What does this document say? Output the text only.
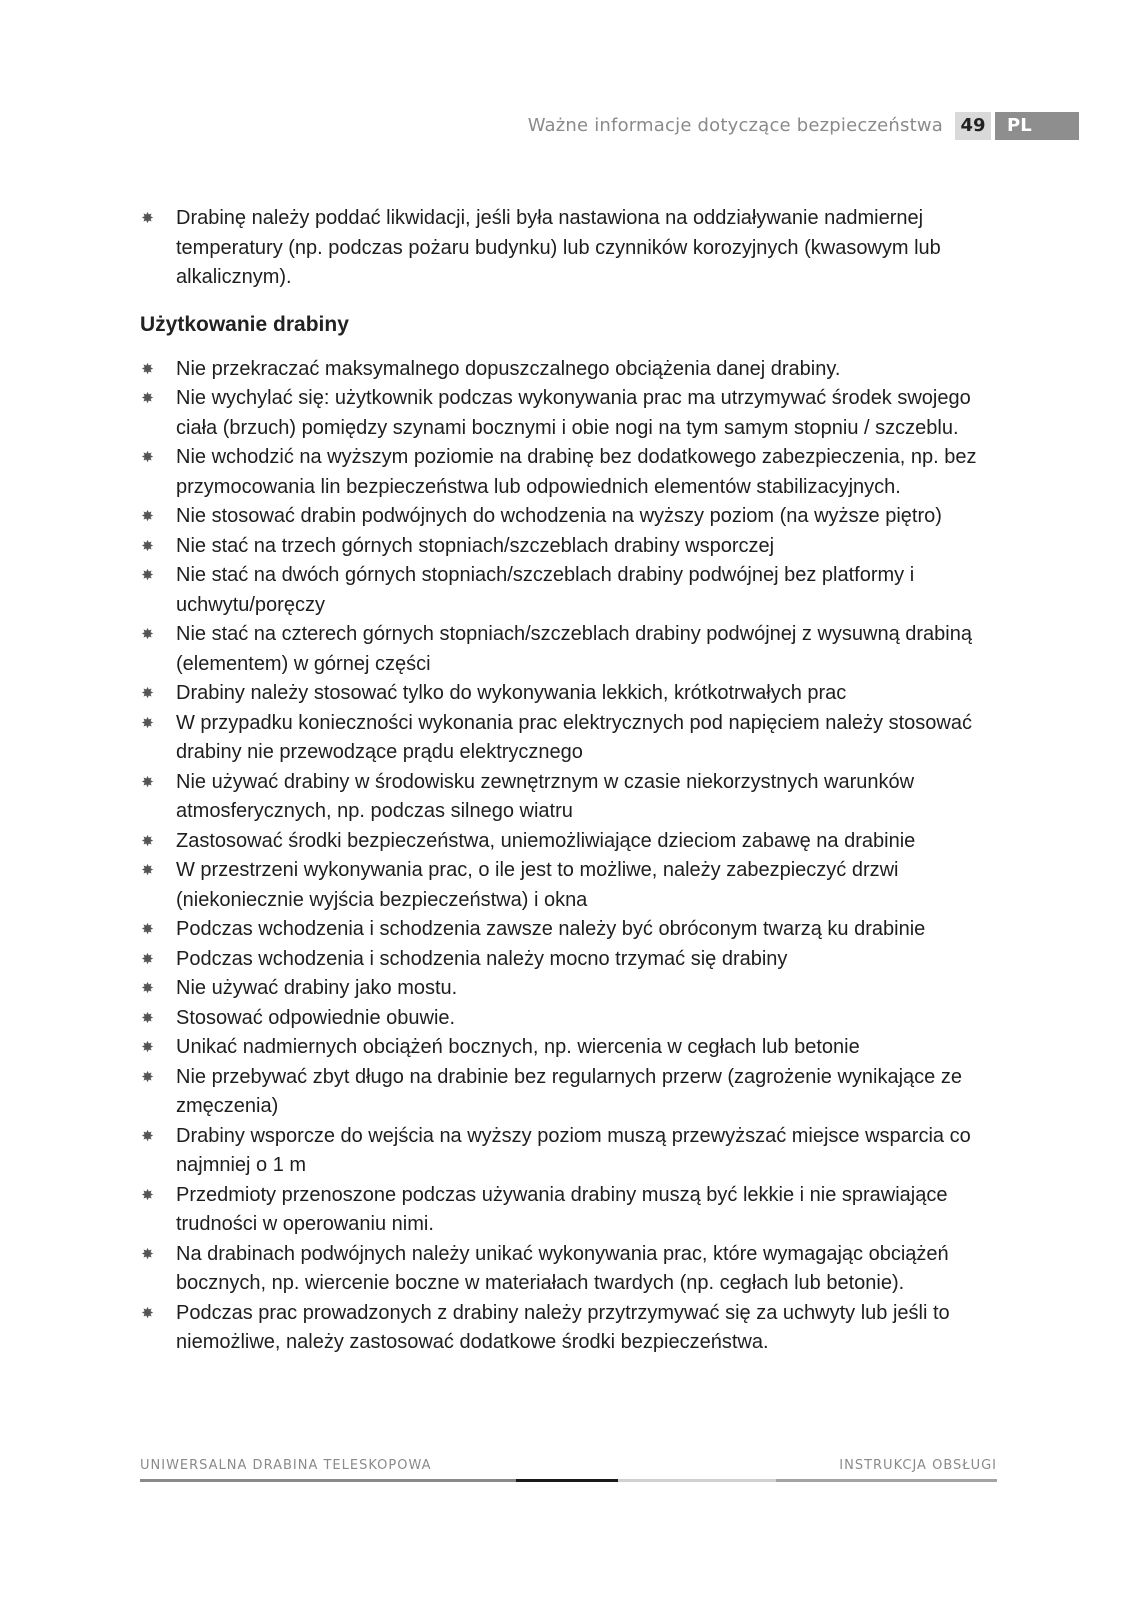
Ważne informacje dotyczące bezpieczeństwa 49	PL
✸ Drabinę należy poddać likwidacji, jeśli była nastawiona na oddziaływanie nadmiernej temperatury (np. podczas pożaru budynku) lub czynników korozyjnych (kwasowym lub alkalicznym).
Użytkowanie drabiny
✸ Nie przekraczać maksymalnego dopuszczalnego obciążenia danej drabiny.
✸ Nie wychylać się: użytkownik podczas wykonywania prac ma utrzymywać środek swojego ciała (brzuch) pomiędzy szynami bocznymi i obie nogi na tym samym stopniu / szczeblu.
✸ Nie wchodzić na wyższym poziomie na drabinę bez dodatkowego zabezpieczenia, np. bez przymocowania lin bezpieczeństwa lub odpowiednich elementów stabilizacyjnych.
✸ Nie stosować drabin podwójnych do wchodzenia na wyższy poziom (na wyższe piętro)
✸ Nie stać na trzech górnych stopniach/szczeblach drabiny wsporczej
✸ Nie stać na dwóch górnych stopniach/szczeblach drabiny podwójnej bez platformy i uchwytu/poręczy
✸ Nie stać na czterech górnych stopniach/szczeblach drabiny podwójnej z wysuwną drabiną (elementem) w górnej części
✸ Drabiny należy stosować tylko do wykonywania lekkich, krótkotrwałych prac
✸ W przypadku konieczności wykonania prac elektrycznych pod napięciem należy stosować drabiny nie przewodzące prądu elektrycznego
✸ Nie używać drabiny w środowisku zewnętrznym w czasie niekorzystnych warunków atmosferycznych, np. podczas silnego wiatru
✸ Zastosować środki bezpieczeństwa, uniemożliwiające dzieciom zabawę na drabinie
✸ W przestrzeni wykonywania prac, o ile jest to możliwe, należy zabezpieczyć drzwi (niekoniecznie wyjścia bezpieczeństwa) i okna
✸ Podczas wchodzenia i schodzenia zawsze należy być obróconym twarzą ku drabinie
✸ Podczas wchodzenia i schodzenia należy mocno trzymać się drabiny
✸ Nie używać drabiny jako mostu.
✸ Stosować odpowiednie obuwie.
✸ Unikać nadmiernych obciążeń bocznych, np. wiercenia w cegłach lub betonie
✸ Nie przebywać zbyt długo na drabinie bez regularnych przerw (zagrożenie wynikające ze zmęczenia)
✸ Drabiny wsporcze do wejścia na wyższy poziom muszą przewyższać miejsce wsparcia co najmniej o 1 m
✸ Przedmioty przenoszone podczas używania drabiny muszą być lekkie i nie sprawiające trudności w operowaniu nimi.
✸ Na drabinach podwójnych należy unikać wykonywania prac, które wymagając obciążeń bocznych, np. wiercenie boczne w materiałach twardych (np. cegłach lub betonie).
✸ Podczas prac prowadzonych z drabiny należy przytrzymywać się za uchwyty lub jeśli to niemożliwe, należy zastosować dodatkowe środki bezpieczeństwa.
UNIWERSALNA DRABINA TELESKOPOWA	INSTRUKCJA OBSŁUGI
